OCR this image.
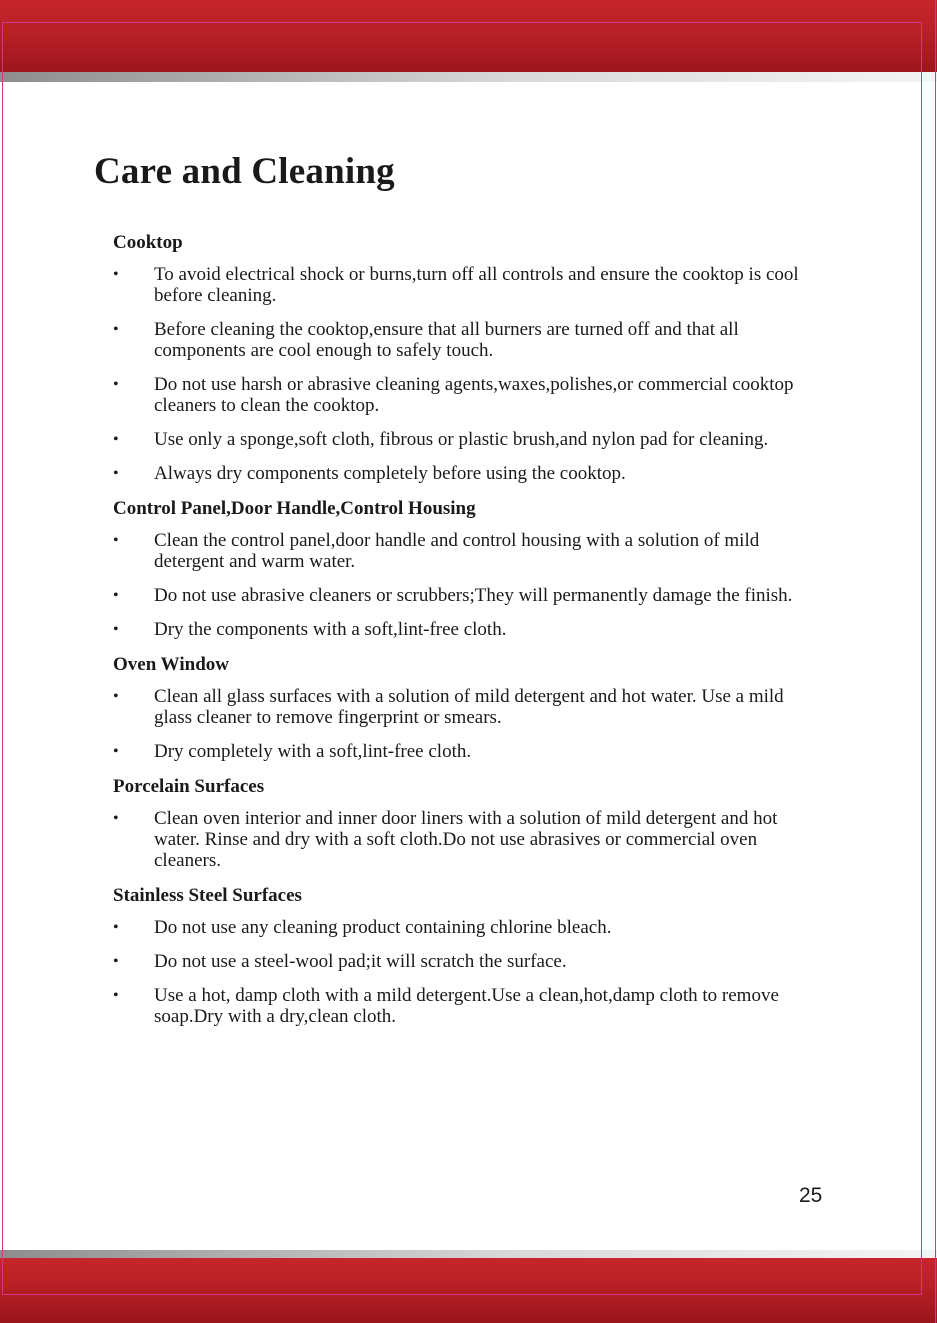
Care and Cleaning
Cooktop
• To avoid electrical shock or burns,turn off all controls and ensure the cooktop is cool before cleaning.
• Before cleaning the cooktop,ensure that all burners are turned off and that all components are cool enough to safely touch.
• Do not use harsh or abrasive cleaning agents,waxes,polishes,or commercial cooktop cleaners to clean the cooktop.
• Use only a sponge,soft cloth, fibrous or plastic brush,and nylon pad for cleaning.
• Always dry components completely before using the cooktop.
Control Panel,Door Handle,Control Housing
• Clean the control panel,door handle and control housing with a solution of mild detergent and warm water.
• Do not use abrasive cleaners or scrubbers;They will permanently damage the finish.
• Dry the components with a soft,lint-free cloth.
Oven Window
• Clean all glass surfaces with a solution of mild detergent and hot water. Use a mild glass cleaner to remove fingerprint or smears.
• Dry completely with a soft,lint-free cloth.
Porcelain Surfaces
• Clean oven interior and inner door liners with a solution of mild detergent and hot water. Rinse and dry with a soft cloth.Do not use abrasives or commercial oven cleaners.
Stainless Steel Surfaces
• Do not use any cleaning product containing chlorine bleach.
• Do not use a steel-wool pad;it will scratch the surface.
• Use a hot, damp cloth with a mild detergent.Use a clean,hot,damp cloth to remove soap.Dry with a dry,clean cloth.
25
